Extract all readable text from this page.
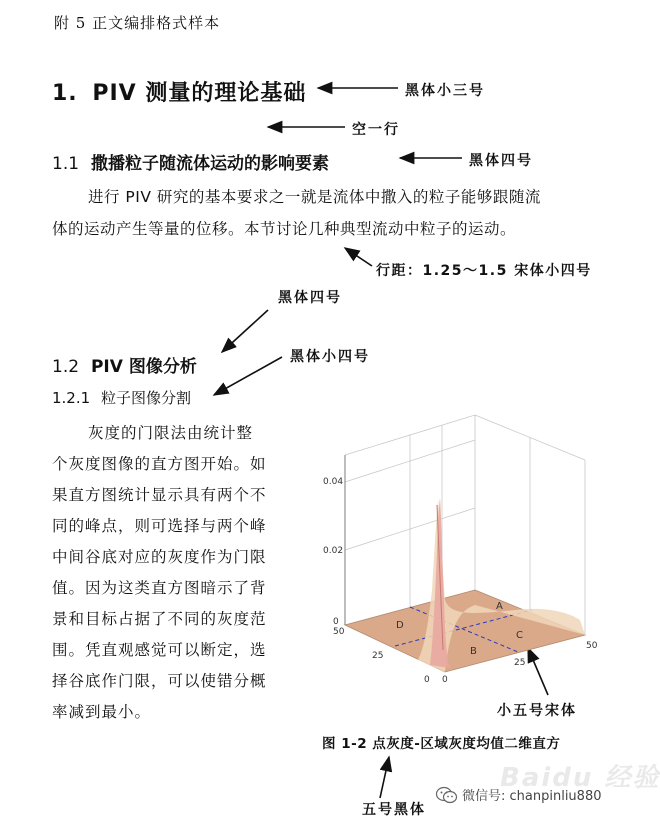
附 5 正文编排格式样本
1. PIV 测量的理论基础
1.1 撒播粒子随流体运动的影响要素
进行 PIV 研究的基本要求之一就是流体中撒入的粒子能够跟随流
体的运动产生等量的位移。本节讨论几种典型流动中粒子的运动。
1.2 PIV 图像分析
1.2.1 粒子图像分割
灰度的门限法由统计整
个灰度图像的直方图开始。如
果直方图统计显示具有两个不
同的峰点，则可选择与两个峰
中间谷底对应的灰度作为门限
值。因为这类直方图暗示了背
景和目标占据了不同的灰度范
围。凭直观感觉可以断定，选
择谷底作门限，可以使错分概
率减到最小。
黑体小三号
空一行
黑体四号
行距：1.25～1.5 宋体小四号
黑体四号
黑体小四号
小五号宋体
五号黑体
0.04
0.02
0
50
25
0 0
25
50
A
B
C
D
图 1-2 点灰度-区域灰度均值二维直方
Baidu 经验
微信号: chanpinliu880
